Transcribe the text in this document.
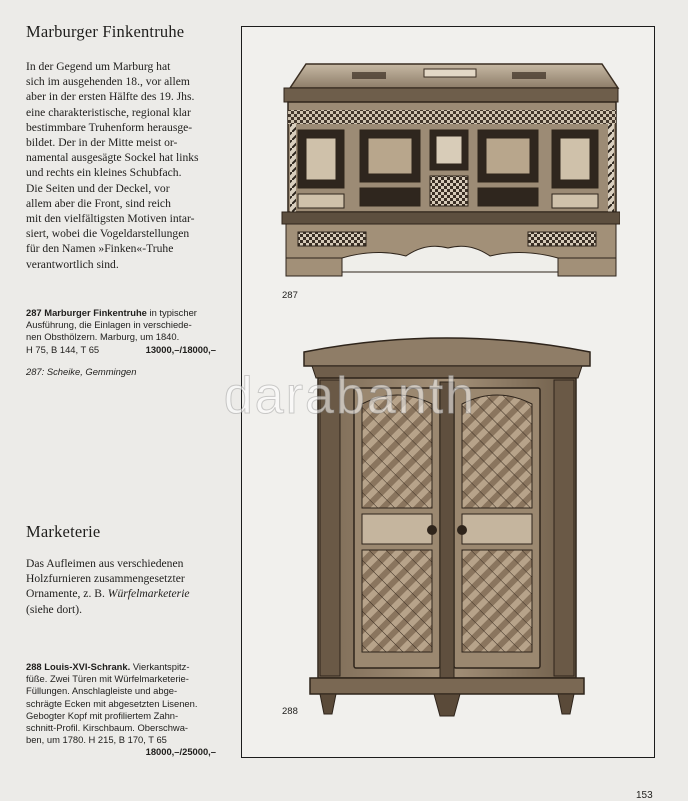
Marburger Finkentruhe
In der Gegend um Marburg hat
sich im ausgehenden 18., vor allem
aber in der ersten Hälfte des 19. Jhs.
eine charakteristische, regional klar
bestimmbare Truhenform herausge-
bildet. Der in der Mitte meist or-
namental ausgesägte Sockel hat links
und rechts ein kleines Schubfach.
Die Seiten und der Deckel, vor
allem aber die Front, sind reich
mit den vielfältigsten Motiven intar-
siert, wobei die Vogeldarstellungen
für den Namen »Finken«-Truhe
verantwortlich sind.
287 Marburger Finkentruhe in typischer
Ausführung, die Einlagen in verschiede-
nen Obsthölzern. Marburg, um 1840.
H 75, B 144, T 65	13000,–/18000,–
287: Scheike, Gemmingen
Marketerie
Das Aufleimen aus verschiedenen
Holzfurnieren zusammengesetzter
Ornamente, z. B. Würfelmarketerie
(siehe dort).
288 Louis-XVI-Schrank. Vierkantspitz-
füße. Zwei Türen mit Würfelmarketerie-
Füllungen. Anschlagleiste und abge-
schrägte Ecken mit abgesetzten Lisenen.
Gebogter Kopf mit profiliertem Zahn-
schnitt-Profil. Kirschbaum. Oberschwa-
ben, um 1780. H 215, B 170, T 65
18000,–/25000,–
287
288
darabanth
153
